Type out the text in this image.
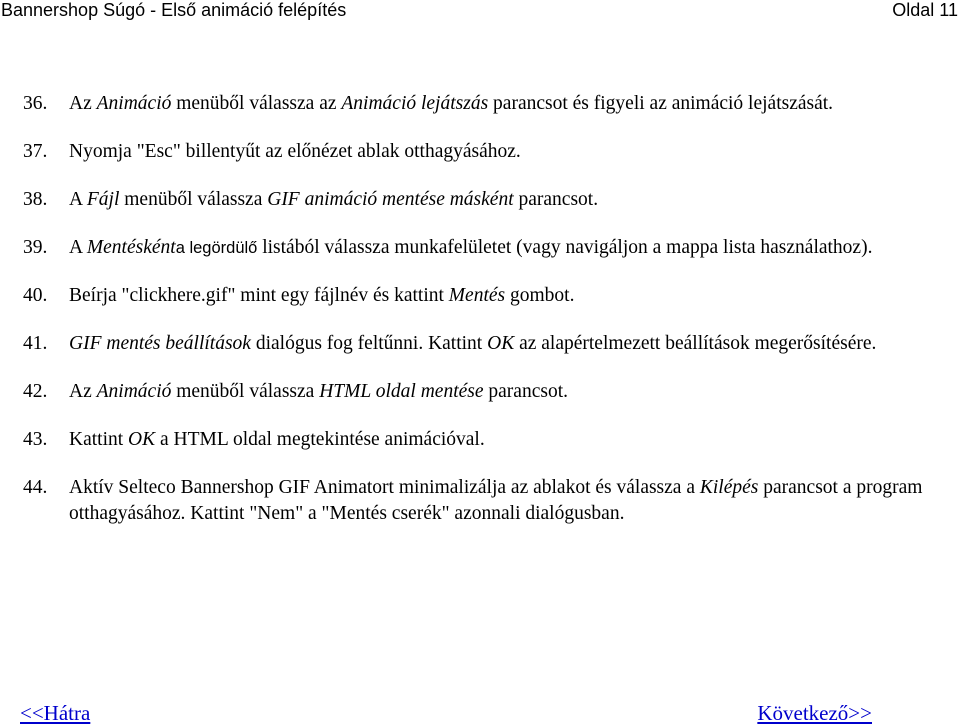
Bannershop Súgó - Első animáció felépítés	Oldal 11
36. Az Animáció menüből válassza az Animáció lejátszás parancsot és figyeli az animáció lejátszását.
37. Nyomja "Esc" billentyűt az előnézet ablak otthagyásához.
38. A Fájl menüből válassza GIF animáció mentése másként parancsot.
39. A Mentéskénta legördülő listából válassza munkafelületet (vagy navigáljon a mappa lista használathoz).
40. Beírja "clickhere.gif" mint egy fájlnév és kattint Mentés gombot.
41. GIF mentés beállítások dialógus fog feltűnni. Kattint OK az alapértelmezett beállítások megerősítésére.
42. Az Animáció menüből válassza HTML oldal mentése parancsot.
43. Kattint OK a HTML oldal megtekintése animációval.
44. Aktív Selteco Bannershop GIF Animatort minimalizálja az ablakot és válassza a Kilépés parancsot a program otthagyásához. Kattint "Nem" a "Mentés cserék" azonnali dialógusban.
<<Hátra	Következő>>
